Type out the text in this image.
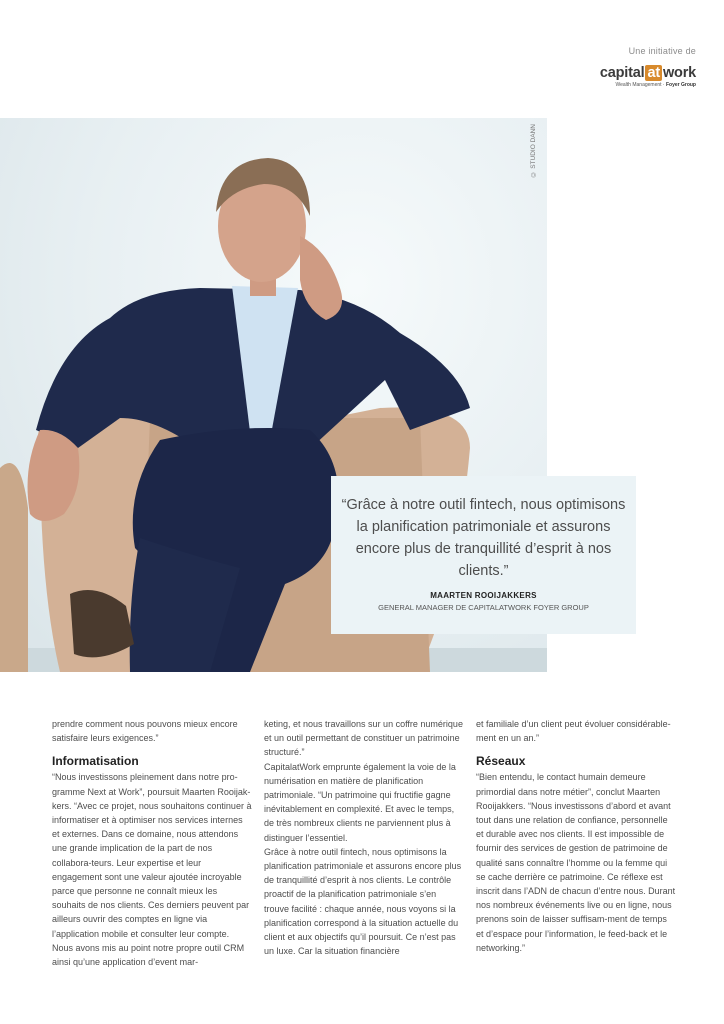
Une initiative de
capital at work
Wealth Management · Foyer Group
© STUDIO DANN
“Grâce à notre outil fintech, nous optimisons la planification patrimoniale et assurons encore plus de tranquillité d’esprit à nos clients.”
MAARTEN ROOIJAKKERS
GENERAL MANAGER DE CAPITALATWORK FOYER GROUP

prendre comment nous pouvons mieux encore satisfaire leurs exigences.”

Informatisation

“Nous investissons pleinement dans notre pro-gramme Next at Work”, poursuit Maarten Rooijak-kers. “Avec ce projet, nous souhaitons continuer à informatiser et à optimiser nos services internes et externes. Dans ce domaine, nous attendons une grande implication de la part de nos collabora-teurs. Leur expertise et leur engagement sont une valeur ajoutée incroyable parce que personne ne connaît mieux les souhaits de nos clients. Ces derniers peuvent par ailleurs ouvrir des comptes en ligne via l’application mobile et consulter leur compte. Nous avons mis au point notre propre outil CRM ainsi qu’une application d’event mar-

keting, et nous travaillons sur un coffre numérique et un outil permettant de constituer un patrimoine structuré.”

CapitalatWork emprunte également la voie de la numérisation en matière de planification patrimoniale. “Un patrimoine qui fructifie gagne inévitablement en complexité. Et avec le temps, de très nombreux clients ne parviennent plus à distinguer l’essentiel.

Grâce à notre outil fintech, nous optimisons la planification patrimoniale et assurons encore plus de tranquillité d’esprit à nos clients. Le contrôle proactif de la planification patrimoniale s’en trouve facilité : chaque année, nous voyons si la planification correspond à la situation actuelle du client et aux objectifs qu’il poursuit. Ce n’est pas un luxe. Car la situation financière

et familiale d’un client peut évoluer considérable-ment en un an.”

Réseaux

“Bien entendu, le contact humain demeure primordial dans notre métier”, conclut Maarten Rooijakkers. “Nous investissons d’abord et avant tout dans une relation de confiance, personnelle et durable avec nos clients. Il est impossible de fournir des services de gestion de patrimoine de qualité sans connaître l’homme ou la femme qui se cache derrière ce patrimoine. Ce réflexe est inscrit dans l’ADN de chacun d’entre nous. Durant nos nombreux événements live ou en ligne, nous prenons soin de laisser suffisam-ment de temps et d’espace pour l’information, le feed-back et le networking.”
